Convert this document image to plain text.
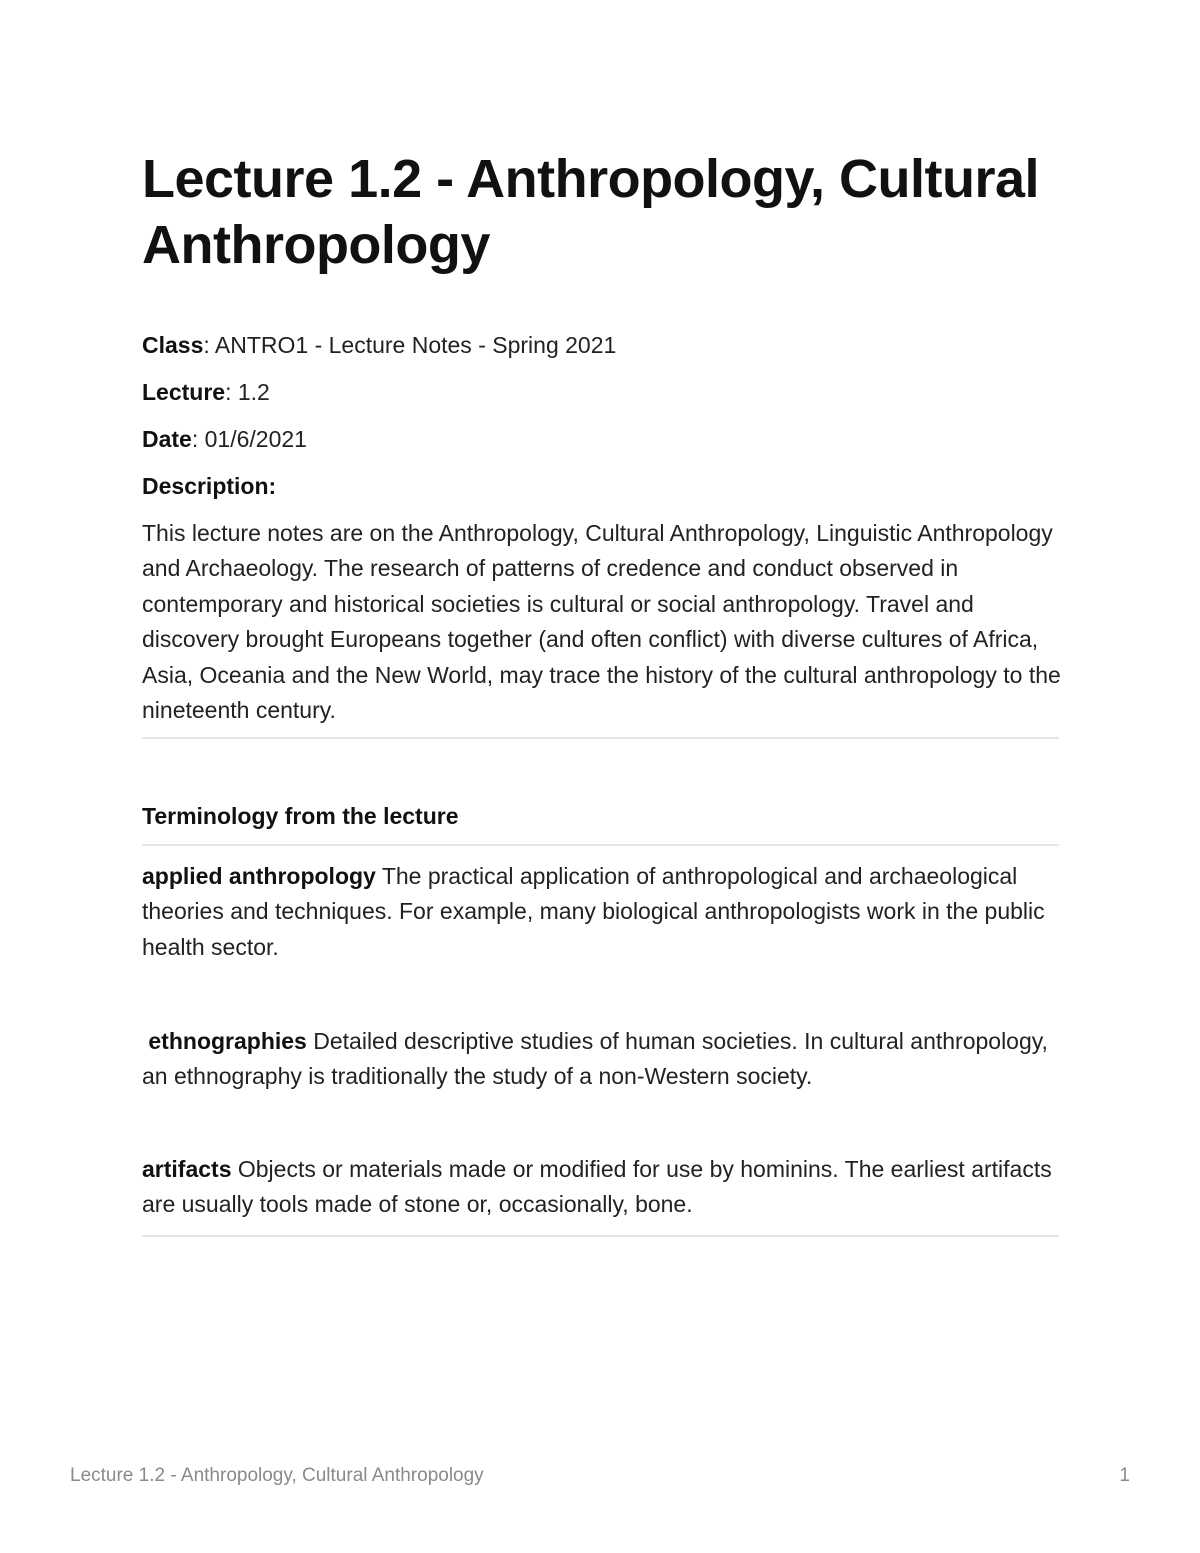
Lecture 1.2 - Anthropology, Cultural Anthropology

Class: ANTRO1 - Lecture Notes - Spring 2021

Lecture: 1.2

Date: 01/6/2021

Description:

This lecture notes are on the Anthropology, Cultural Anthropology, Linguistic Anthropology and Archaeology. The research of patterns of credence and conduct observed in contemporary and historical societies is cultural or social anthropology. Travel and discovery brought Europeans together (and often conflict) with diverse cultures of Africa, Asia, Oceania and the New World, may trace the history of the cultural anthropology to the nineteenth century.

Terminology from the lecture

applied anthropology The practical application of anthropological and archaeological theories and techniques. For example, many biological anthropologists work in the public health sector.

ethnographies Detailed descriptive studies of human societies. In cultural anthropology, an ethnography is traditionally the study of a non-Western society.

artifacts Objects or materials made or modified for use by hominins. The earliest artifacts are usually tools made of stone or, occasionally, bone.

Lecture 1.2 - Anthropology, Cultural Anthropology	1
